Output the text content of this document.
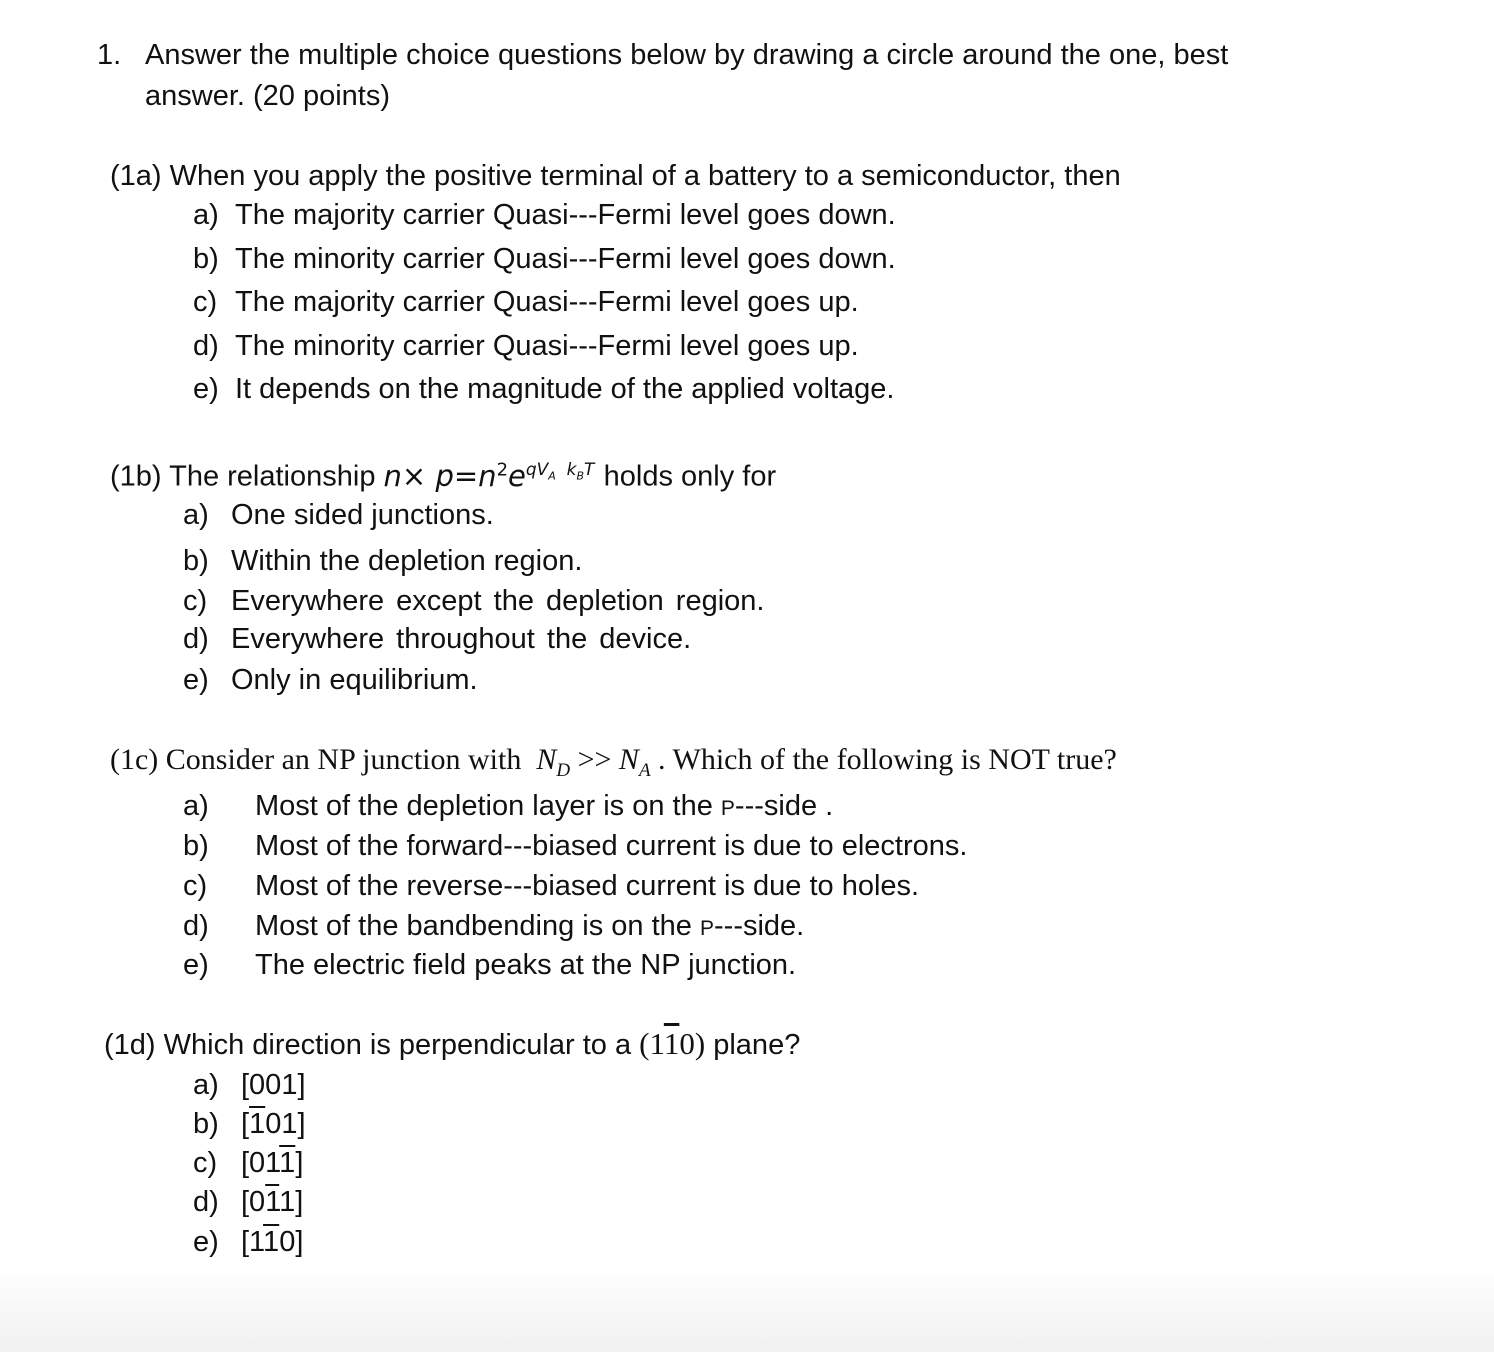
1. Answer the multiple choice questions below by drawing a circle around the one, best
answer. (20 points)
(1a) When you apply the positive terminal of a battery to a semiconductor, then
a) The majority carrier Quasi---Fermi level goes down.
b) The minority carrier Quasi---Fermi level goes down.
c) The majority carrier Quasi---Fermi level goes up.
d) The minority carrier Quasi---Fermi level goes up.
e) It depends on the magnitude of the applied voltage.
(1b) The relationship $n\times p=n^2e^{qV_A k_BT}$ holds only for
a) One sided junctions.
b) Within the depletion region.
c) Everywhere except the depletion region.
d) Everywhere throughout the device.
e) Only in equilibrium.
(1c) Consider an NP junction with $N_D >> N_A$ . Which of the following is NOT true?
a) Most of the depletion layer is on the P---side .
b) Most of the forward---biased current is due to electrons.
c) Most of the reverse---biased current is due to holes.
d) Most of the bandbending is on the P---side.
e) The electric field peaks at the NP junction.
(1d) Which direction is perpendicular to a (110) plane?
a) [001]
b) [101]
c) [011]
d) [011]
e) [110]
